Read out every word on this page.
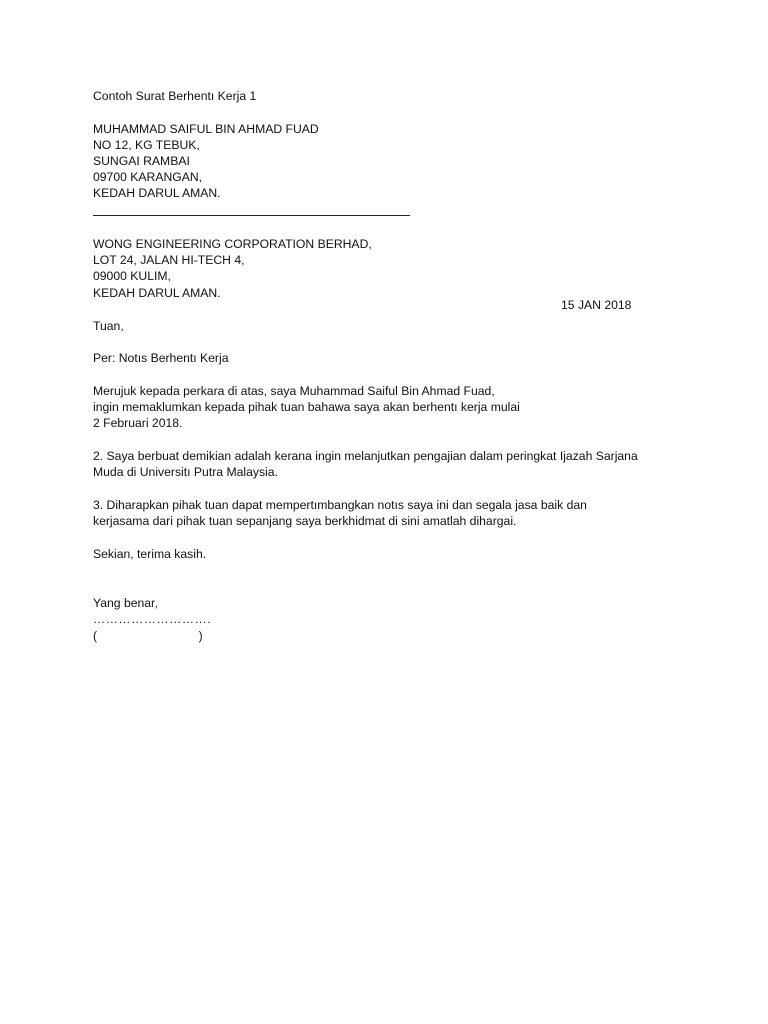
Contoh Surat Berhentı Kerja 1

MUHAMMAD SAIFUL BIN AHMAD FUAD

NO 12, KG TEBUK,

SUNGAI RAMBAI

09700 KARANGAN,

KEDAH DARUL AMAN.

WONG ENGINEERING CORPORATION BERHAD,

LOT 24, JALAN HI-TECH 4,

09000 KULIM,

KEDAH DARUL AMAN.

15 JAN 2018

Tuan,

Per: Notıs Berhentı Kerja

Merujuk kepada perkara di atas, saya Muhammad Saiful Bin Ahmad Fuad,

ingin memaklumkan kepada pihak tuan bahawa saya akan berhentı kerja mulai

2 Februari 2018.

2. Saya berbuat demikian adalah kerana ingin melanjutkan pengajian dalam peringkat Ijazah Sarjana

Muda di Universitı Putra Malaysia.

3. Diharapkan pihak tuan dapat mempertımbangkan notıs saya ini dan segala jasa baik dan

kerjasama dari pihak tuan sepanjang saya berkhidmat di sini amatlah dihargai.

Sekian, terima kasih.

Yang benar,

……………………….

(                              )
